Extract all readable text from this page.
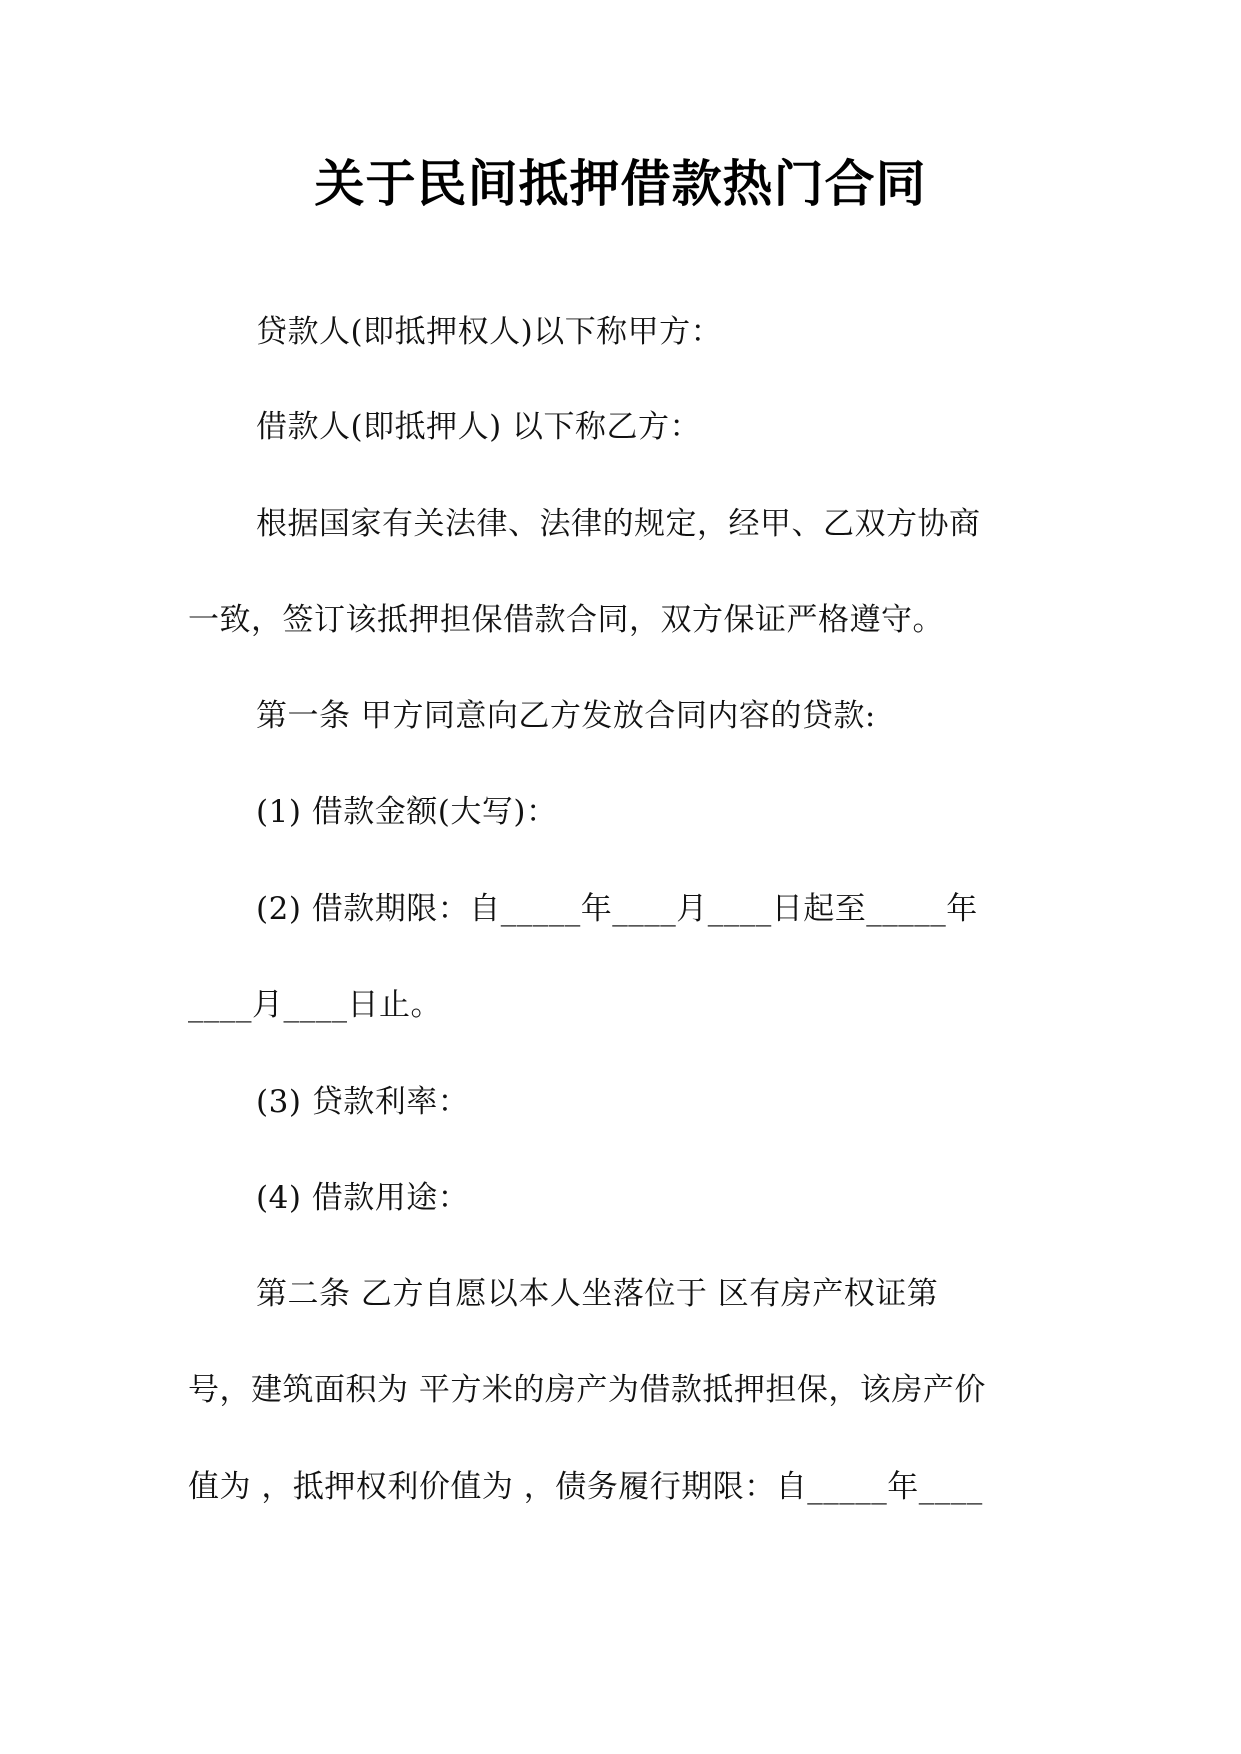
关于民间抵押借款热门合同
贷款人(即抵押权人)以下称甲方：
借款人(即抵押人) 以下称乙方：
根据国家有关法律、法律的规定，经甲、乙双方协商
一致，签订该抵押担保借款合同，双方保证严格遵守。
第一条 甲方同意向乙方发放合同内容的贷款:
(1) 借款金额(大写)：
(2) 借款期限：自_____年____月____日起至_____年
____月____日止。
(3) 贷款利率：
(4) 借款用途：
第二条 乙方自愿以本人坐落位于 区有房产权证第
号，建筑面积为 平方米的房产为借款抵押担保，该房产价
值为 ，抵押权利价值为 ，债务履行期限：自_____年____
